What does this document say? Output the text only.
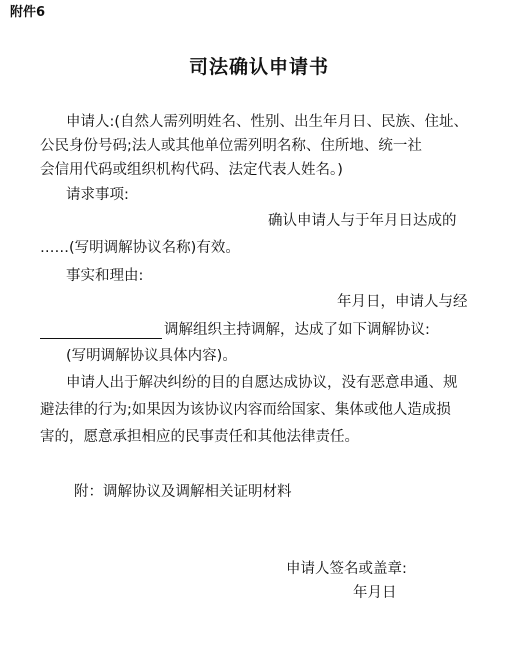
附件6
司法确认申请书
申请人:(自然人需列明姓名、性别、出生年月日、民族、住址、
公民身份号码;法人或其他单位需列明名称、住所地、统一社
会信用代码或组织机构代码、法定代表人姓名。)
请求事项:
确认申请人与于年月日达成的
……(写明调解协议名称)有效。
事实和理由:
年月日，申请人与经
调解组织主持调解，达成了如下调解协议:
(写明调解协议具体内容)。
申请人出于解决纠纷的目的自愿达成协议，没有恶意串通、规
避法律的行为;如果因为该协议内容而给国家、集体或他人造成损
害的，愿意承担相应的民事责任和其他法律责任。
附：调解协议及调解相关证明材料
申请人签名或盖章:
年月日
